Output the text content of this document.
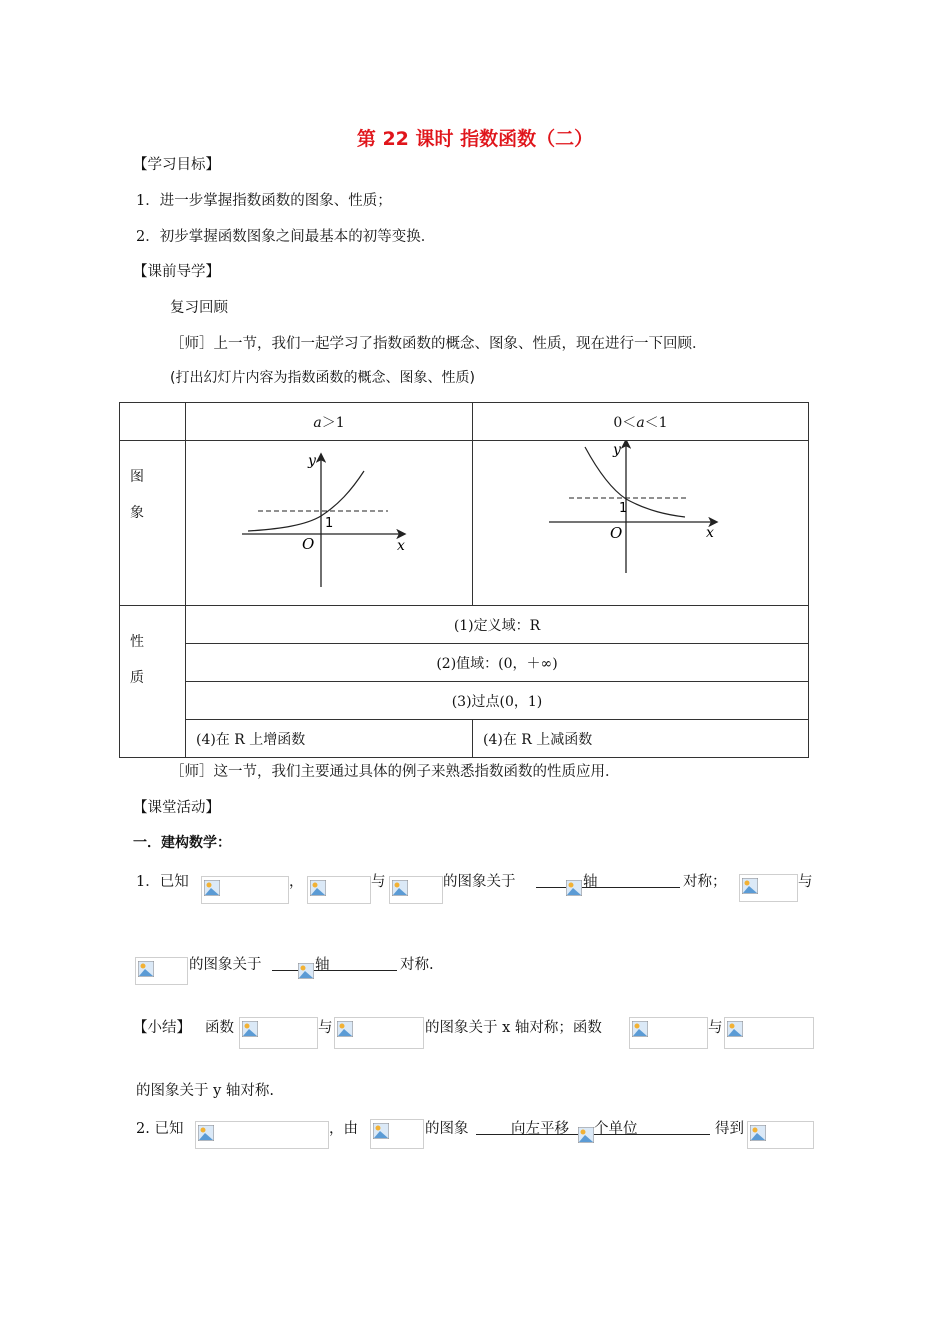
第 22 课时 指数函数（二）
【学习目标】
1．进一步掌握指数函数的图象、性质；
2．初步掌握函数图象之间最基本的初等变换．
【课前导学】
复习回顾
［师］上一节，我们一起学习了指数函数的概念、图象、性质，现在进行一下回顾．
(打出幻灯片内容为指数函数的概念、图象、性质)
	a＞1	0＜a＜1
图
象	y
x
O
1	y
x
O
1

性
质	(1)定义域：R	
	(2)值域：(0，＋∞)	
	(3)过点(0，1)	
	(4)在 R 上增函数	(4)在 R 上减函数
［师］这一节，我们主要通过具体的例子来熟悉指数函数的性质应用．
【课堂活动】
一．建构数学：
1．已知	，	与	的图象关于	轴	对称；	与
的图象关于	轴	对称.
【小结】 函数	与	的图象关于 x 轴对称；函数	与
的图象关于 y 轴对称.
2. 已知	，由	的图象	向左平移 个单位	得到
